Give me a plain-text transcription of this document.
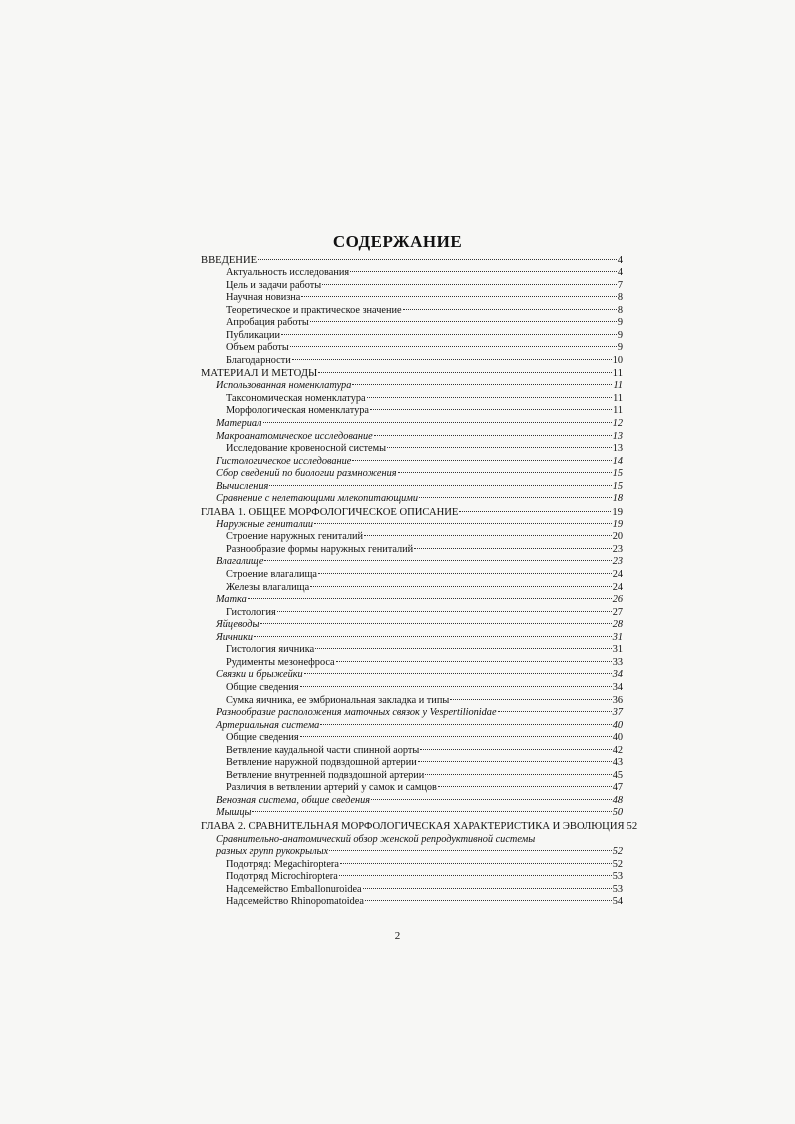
СОДЕРЖАНИЕ
ВВЕДЕНИЕ	4
Актуальность исследования	4
Цель и задачи работы	7
Научная новизна	8
Теоретическое и практическое значение	8
Апробация работы	9
Публикации	9
Объем работы	9
Благодарности	10
МАТЕРИАЛ И МЕТОДЫ	11
Использованная номенклатура	11
Таксономическая номенклатура	11
Морфологическая номенклатура	11
Материал	12
Макроанатомическое исследование	13
Исследование кровеносной системы	13
Гистологическое исследование	14
Сбор сведений по биологии размножения	15
Вычисления	15
Сравнение с нелетающими млекопитающими	18
ГЛАВА 1. ОБЩЕЕ МОРФОЛОГИЧЕСКОЕ ОПИСАНИЕ	19
Наружные гениталии	19
Строение наружных гениталий	20
Разнообразие формы наружных гениталий	23
Влагалище	23
Строение влагалища	24
Железы влагалища	24
Матка	26
Гистология	27
Яйцеводы	28
Яичники	31
Гистология яичника	31
Рудименты мезонефроса	33
Связки и брыжейки	34
Общие сведения	34
Сумка яичника, ее эмбриональная закладка и типы	36
Разнообразие расположения маточных связок у Vespertilionidae	37
Артериальная система	40
Общие сведения	40
Ветвление каудальной части спинной аорты	42
Ветвление наружной подвздошной артерии	43
Ветвление внутренней подвздошной артерии	45
Различия в ветвлении артерий у самок и самцов	47
Венозная система, общие сведения	48
Мышцы	50
ГЛАВА 2. СРАВНИТЕЛЬНАЯ МОРФОЛОГИЧЕСКАЯ ХАРАКТЕРИСТИКА И ЭВОЛЮЦИЯ 52
Сравнительно-анатомический обзор женской репродуктивной системы
разных групп рукокрылых	52
Подотряд: Megachiroptera	52
Подотряд Microchiroptera	53
Надсемейство Emballonuroidea	53
Надсемейство Rhinopomatoidea	54
2
